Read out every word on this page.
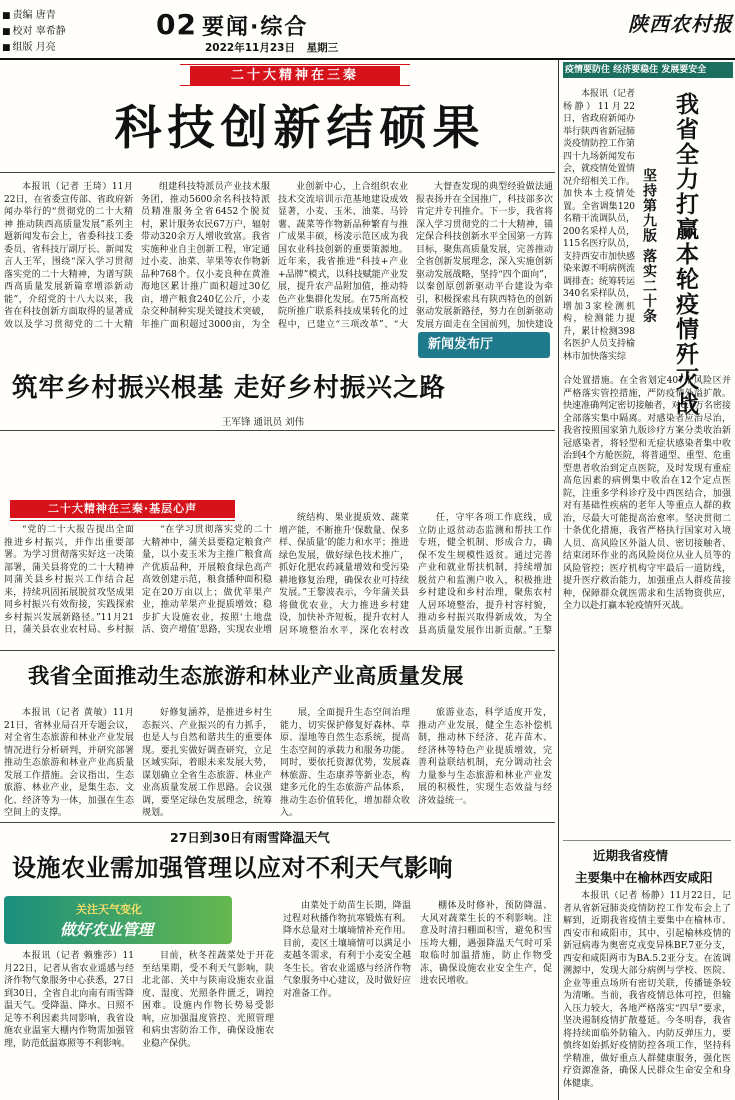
■ 责编 唐青
■ 校对 辜希静
■ 组版 月亮
02 要闻·综合
2022年11月23日 星期三
陕西农村报
二十大精神在三秦
科技创新结硕果
本报讯（记者 王琦）11月22日，在省委宣传部、省政府新闻办举行的“贯彻党的二十大精神 推动陕西高质量发展”系列主题新闻发布会上，省委科技工委委员、省科技厅副厅长、新闻发言人王军，围绕“深入学习贯彻落实党的二十大精神，为谱写陕西高质量发展新篇章增添新动能”，介绍党的十八大以来，我省在科技创新方面取得的显著成效以及学习贯彻党的二十大精
组建科技特派员产业技术服务团，推动5600余名科技特派员精准服务全省6452个脱贫村，累计服务农民67万户，辐射带动320余万人增收致富。我省实施种业自主创新工程，审定通过小麦、油菜、苹果等农作物新品种768个。仅小麦良种在黄淮海地区累计推广面积超过30亿亩，增产粮食240亿公斤，小麦杂交种制种实现关键技术突破，年推广面积超过3000亩，为全
业创新中心，上合组织农业技术交流培训示范基地建设成效显著，小麦、玉米、油菜、马铃薯、蔬菜等作物新品种繁育与推广成果丰硕，杨凌示范区成为我国农业科技创新的重要策源地。近年来，我省推进“科技+产业+品牌”模式，以科技赋能产业发展，提升农产品附加值，推动特色产业集群化发展。在75所高校院所推广联系科技成果转化的过程中，已建立“三项改革”、“大
大督查发现的典型经验做法通报表扬并在全国推广，科技部多次肯定并专刊推介。下一步，我省将深入学习贯彻党的二十大精神，锚定保合科技创新水平全国第一方阵目标，聚焦高质量发展，完善推动全省创新发展理念，深入实施创新驱动发展战略，坚持“四个面向”，以秦创原创新驱动平台建设为牵引，积极探索具有陕西特色的创新驱动发展新路径，努力在创新驱动发展方面走在全国前列，加快建设
新闻发布厅
筑牢乡村振兴根基 走好乡村振兴之路
王军锋 通讯员 刘伟
二十大精神在三秦·基层心声
“党的二十大报告提出全面推进乡村振兴，并作出重要部署。为学习贯彻落实好这一决策部署，蒲关县将党的二十大精神同蒲关县乡村振兴工作结合起来，持续巩固拓展脱贫攻坚成果同乡村振兴有效衔接，实践探索乡村振兴发展新路径。”11月21日，蒲关县农业农村局、乡村振
“在学习贯彻落实党的二十大精神中，蒲关县要稳定粮食产量，以小麦玉米为主推广粮食高产优质品种，开展粮食绿色高产高效创建示范，粮食播种面积稳定在20万亩以上；做优苹果产业，推动苹果产业提质增效；稳步扩大设施农业，按照‘土地盘活、资产增值’思路，实现农业增
统结构、果业提质效、蔬菜增产能，不断推升‘保数量、保多样、保质量’的能力和水平；推进绿色发展，做好绿色技术推广，抓好化肥农药减量增效和受污染耕地修复治理，确保农业可持续发展。”王黎波表示，今年蒲关县将做优农业，大力推进乡村建设，加快补齐短板，提升农村人居环境整治水平，深化农村改
任，守牢各项工作底线，成立防止返贫动态监测和帮扶工作专班，健全机制、形成合力，确保不发生规模性返贫。通过完善产业和就业帮扶机制，持续增加脱贫户和监测户收入，积极推进乡村建设和乡村治理，聚焦农村人居环境整治，提升村容村貌，推动乡村振兴取得新成效，为全县高质量发展作出新贡献。”王黎
我省全面推动生态旅游和林业产业高质量发展
本报讯（记者 黄敏）11月21日，省林业局召开专题会议，对全省生态旅游和林业产业发展情况进行分析研判，并研究部署推动生态旅游和林业产业高质量发展工作措施。会议指出，生态旅游、林业产业，是集生态、文化、经济等为一体，加强在生态空间上的支撑。
好修复涵养，是推进乡村生态振兴、产业振兴的有力抓手，也是人与自然和谐共生的重要体现。要扎实做好调查研究，立足区域实际，着眼未来发展大势，谋划确立全省生态旅游、林业产业高质量发展工作思路。会议强调，要坚定绿色发展理念，统筹规划。
展，全面提升生态空间治理能力，切实保护修复好森林、草原、湿地等自然生态系统，提高生态空间的承载力和服务功能。同时，要依托资源优势，发展森林旅游、生态康养等新业态，构建多元化的生态旅游产品体系，推动生态价值转化，增加群众收入。
旅游业态，科学适度开发，推动产业发展，健全生态补偿机制，推动林下经济、花卉苗木、经济林等特色产业提质增效，完善利益联结机制，充分调动社会力量参与生态旅游和林业产业发展的积极性，实现生态效益与经济效益统一。
27日到30日有雨雪降温天气
设施农业需加强管理以应对不利天气影响
关注天气变化
做好农业管理
本报讯（记者 赖雅莎）11月22日，记者从省农业遥感与经济作物气象服务中心获悉，27日到30日，全省自北向南有雨雪降温天气。受降温、降水、日照不足等不利因素共同影响，我省设施农业温室大棚内作物需加强管理，防范低温寡照等不利影响。
目前，秋冬茬蔬菜处于开花至结果期，受不利天气影响，陕北北部、关中与陕南设施农业温度、湿度、光照条件匮乏，调控困难。设施内作物长势易受影响，应加强温度管控、光照管理和病虫害防治工作，确保设施农业稳产保供。
由菜处于幼苗生长期，降温过程对秋播作物抗寒锻炼有利。降水总量对土壤墒情补充作用。目前，麦区土壤墒情可以满足小麦越冬需求，有利于小麦安全越冬生长。省农业遥感与经济作物气象服务中心建议，及时做好应对准备工作。
棚体及时修补，预防降温、大风对蔬菜生长的不利影响。注意及时清扫棚面积雪，避免积雪压垮大棚，遇强降温天气时可采取临时加温措施，防止作物受冻，确保设施农业安全生产，促进农民增收。
疫情要防住 经济要稳住 发展要安全
我省全力打赢本轮疫情歼灭战
坚持第九版 落实二十条
本报讯（记者 杨静）11月22日，省政府新闻办举行陕西省新冠肺炎疫情防控工作第四十九场新闻发布会，就疫情处置情况介绍相关工作。加快本土疫情处置。全省调集120名精干流调队员，200名采样人员，115名医疗队员，支持西安市加快感染来源不明病例流调排查；统筹转运340名采样队员，增加3家检测机构，检测能力提升，累计检测398名医护人员支持榆林市加快落实综
合处置措施。在全省划定407个风险区并严格落实管控措施，严防疫情外溢扩散。快速准确判定密切接触者，对6.5万名密接全部落实集中隔离。对感染者应治尽治，我省按照国家第九版诊疗方案分类收治新冠感染者，将轻型和无症状感染者集中收治到4个方舱医院，将普通型、重型、危重型患者收治到定点医院，及时发现有重症高危因素的病例集中收治在12个定点医院，注重多学科诊疗及中西医结合，加强对有基础性疾病的老年人等重点人群的救治，尽最大可能提高治愈率。坚决贯彻二十条优化措施，我省严格执行国家对入境人员、高风险区外溢人员、密切接触者、结束闭环作业的高风险岗位从业人员等的风险管控；医疗机构守牢最后一道防线，提升医疗救治能力，加强重点人群疫苗接种，保障群众就医需求和生活物资供应，全力以赴打赢本轮疫情歼灭战。
近期我省疫情
主要集中在榆林西安咸阳
本报讯（记者 杨静）11月22日，记者从省新冠肺炎疫情防控工作发布会上了解到，近期我省疫情主要集中在榆林市、西安市和咸阳市，其中，引起榆林疫情的新冠病毒为奥密克戎变异株BF.7亚分支，西安和咸阳两市为BA.5.2亚分支。在流调溯源中，发现大部分病例与学校、医院、企业等重点场所有密切关联，传播链条较为清晰。当前，我省疫情总体可控，但输入压力较大，各地严格落实“四早”要求，坚决遏制疫情扩散蔓延。今冬明春，我省将持续面临外防输入、内防反弹压力，要慎终如始抓好疫情防控各项工作，坚持科学精准，做好重点人群健康服务，强化医疗资源准备，确保人民群众生命安全和身体健康。
